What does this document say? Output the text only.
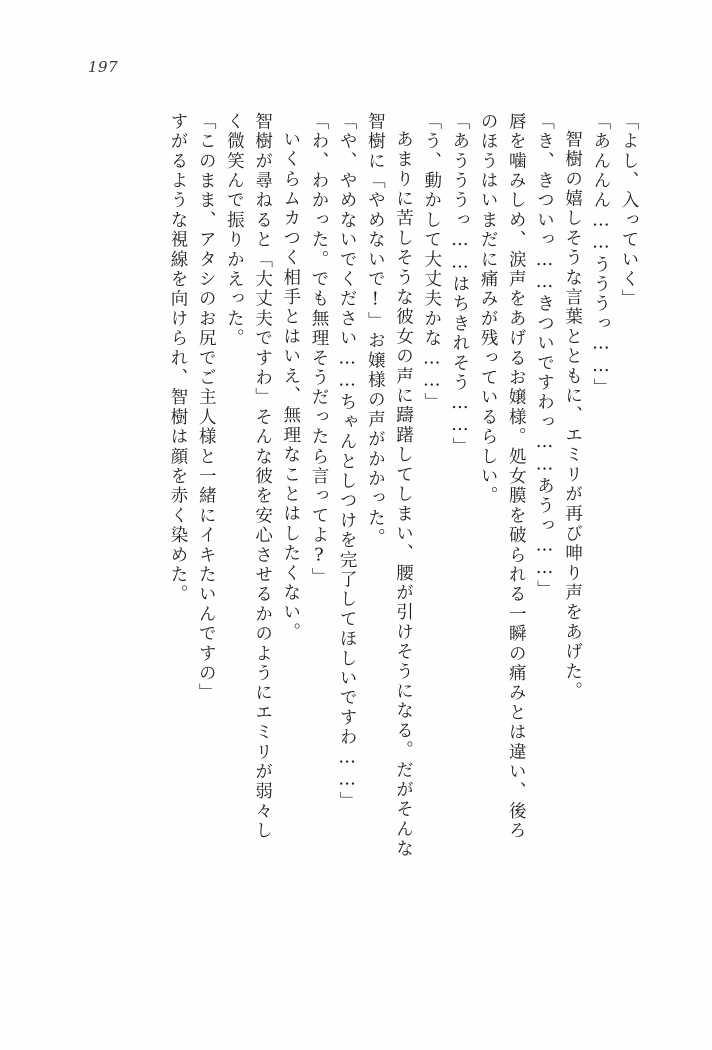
197
「よし、入っていく」
「あんんん……うううっ……」
智樹の嬉しそうな言葉とともに、エミリが再び呻り声をあげた。
「き、きついっ……きついですわっ……あうっ……」
唇を噛みしめ、涙声をあげるお嬢様。処女膜を破られる一瞬の痛みとは違い、後ろ
のほうはいまだに痛みが残っているらしい。
「あうううっ……はちきれそう……」
「う、動かして大丈夫かな……」
あまりに苦しそうな彼女の声に躊躇してしまい、腰が引けそうになる。だがそんな
智樹に「やめないで!」お嬢様の声がかかった。
「や、やめないでください……ちゃんとしつけを完了してほしいですわ……」
「わ、わかった。でも無理そうだったら言ってよ?」
いくらムカつく相手とはいえ、無理なことはしたくない。
智樹が尋ねると「大丈夫ですわ」そんな彼を安心させるかのようにエミリが弱々し
く微笑んで振りかえった。
「このまま、アタシのお尻でご主人様と一緒にイキたいんですの」
すがるような視線を向けられ、智樹は顔を赤く染めた。
